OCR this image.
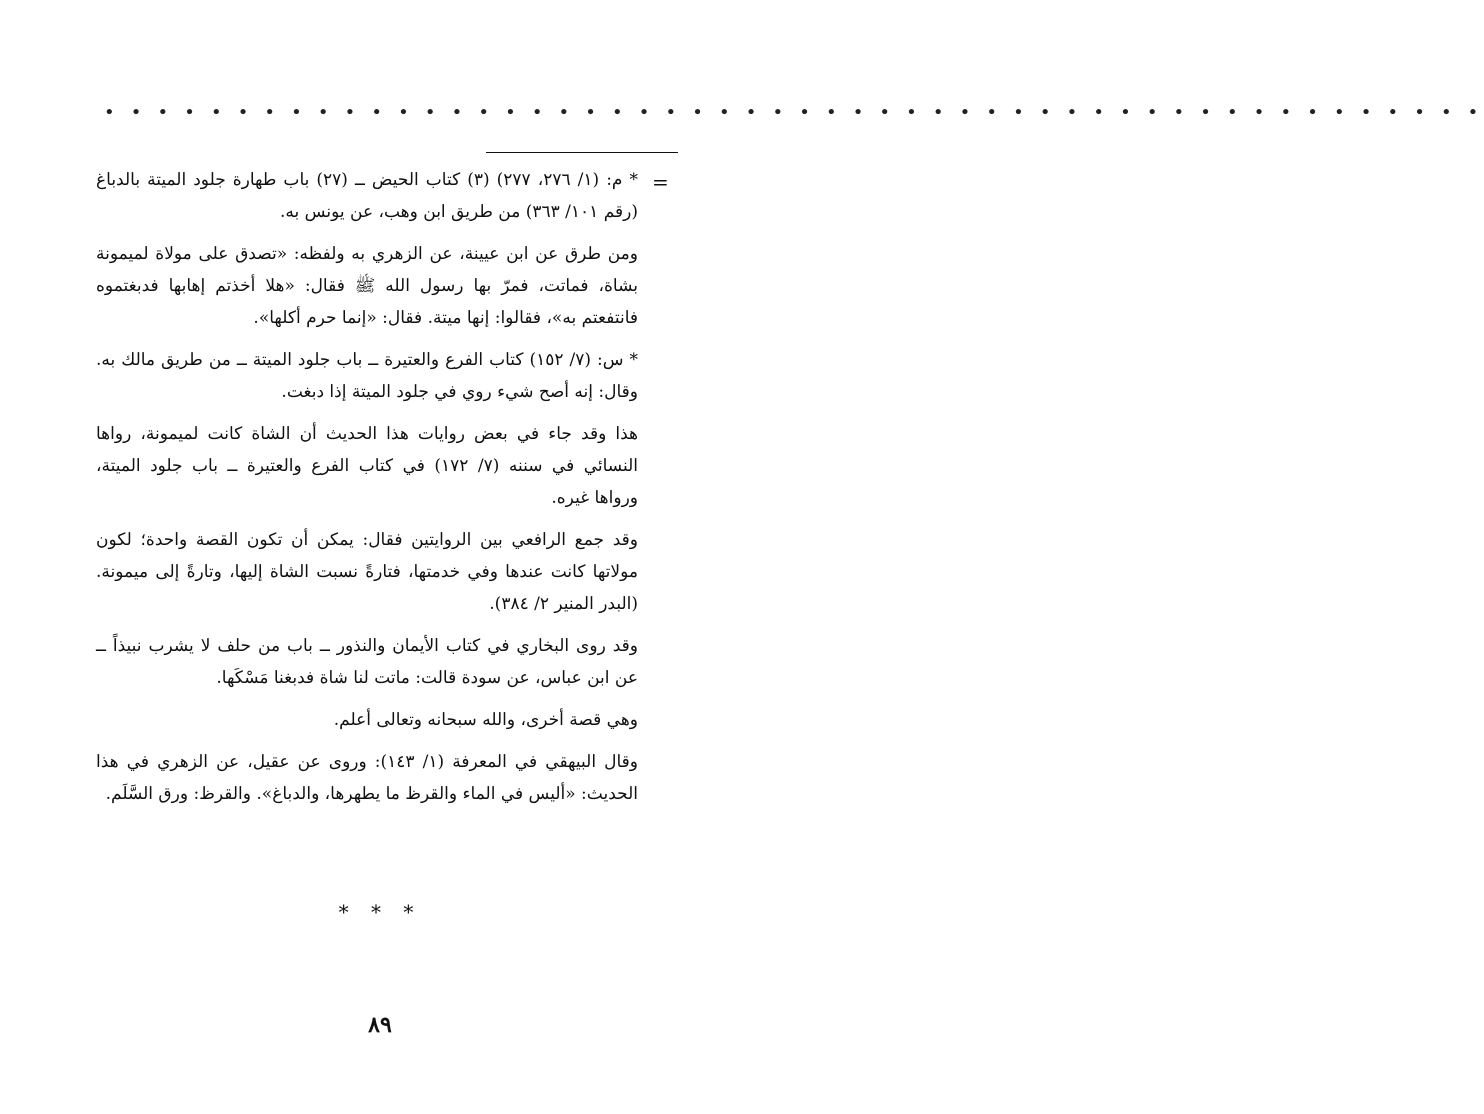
• • • • • • • • • • • • • • • • • • • • • • • • • • • • • • • • • • • • • • • • • • • • • • • • • • • •
=

* م: (١/ ٢٧٦، ٢٧٧) (٣) كتاب الحيض ــ (٢٧) باب طهارة جلود الميتة بالدباغ (رقم ١٠١/ ٣٦٣) من طريق ابن وهب، عن يونس به.

ومن طرق عن ابن عيينة، عن الزهري به ولفظه: «تصدق على مولاة لميمونة بشاة، فماتت، فمرّ بها رسول الله ﷺ فقال: «هلا أخذتم إهابها فدبغتموه فانتفعتم به»، فقالوا: إنها ميتة. فقال: «إنما حرم أكلها».

* س: (٧/ ١٥٢) كتاب الفرع والعتيرة ــ باب جلود الميتة ــ من طريق مالك به. وقال: إنه أصح شيء روي في جلود الميتة إذا دبغت.

هذا وقد جاء في بعض روايات هذا الحديث أن الشاة كانت لميمونة، رواها النسائي في سننه (٧/ ١٧٢) في كتاب الفرع والعتيرة ــ باب جلود الميتة، ورواها غيره.

وقد جمع الرافعي بين الروايتين فقال: يمكن أن تكون القصة واحدة؛ لكون مولاتها كانت عندها وفي خدمتها، فتارةً نسبت الشاة إليها، وتارةً إلى ميمونة. (البدر المنير ٢/ ٣٨٤).

وقد روى البخاري في كتاب الأيمان والنذور ــ باب من حلف لا يشرب نبيذاً ــ عن ابن عباس، عن سودة قالت: ماتت لنا شاة فدبغنا مَسْكَها.

وهي قصة أخرى، والله سبحانه وتعالى أعلم.

وقال البيهقي في المعرفة (١/ ١٤٣): وروى عن عقيل، عن الزهري في هذا الحديث: «أليس في الماء والقرظ ما يطهرها، والدباغ». والقرظ: ورق السَّلَم.

* * *
٨٩
